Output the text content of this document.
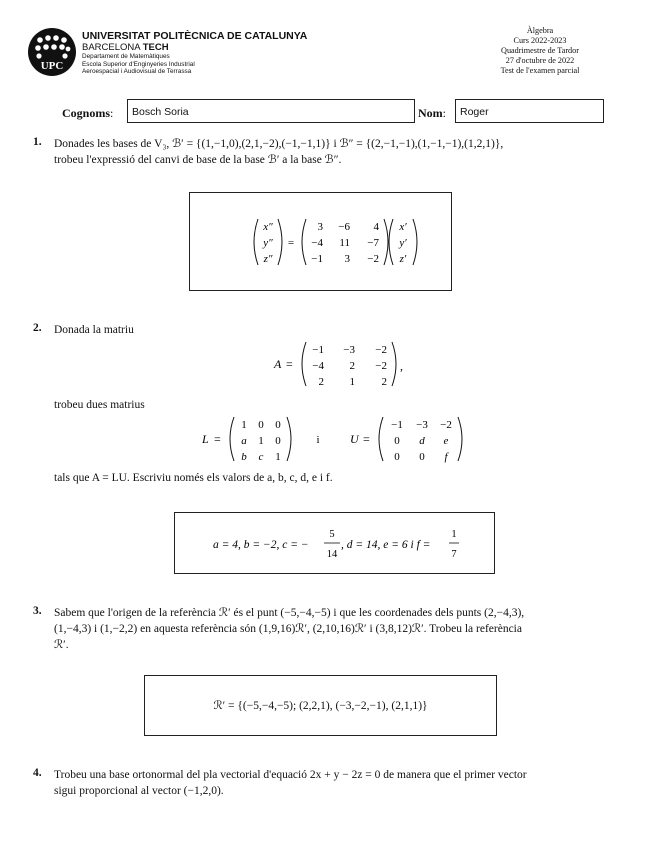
UPC
UNIVERSITAT POLITÈCNICA DE CATALUNYA
BARCELONA TECH
Departament de Matemàtiques
Escola Superior d'Enginyeries Industrial
Aeroespacial i Audiovisual de Terrassa
Àlgebra
Curs 2022-2023
Quadrimestre de Tardor
27 d'octubre de 2022
Test de l'examen parcial
Cognoms:	Bosch Soria	Nom:	Roger
1. Donades les bases de V₃, ℬ′ = {(1,−1,0),(2,1,−2),(−1,−1,1)} i ℬ″ = {(2,−1,−1),(1,−1,−1),(1,2,1)},
trobeu l'expressió del canvi de base de la base ℬ′ a la base ℬ″.
x″
y″
z″
=
3 −6 4
−4 11 −7
−1 3 −2
x′
y′
z′
2. Donada la matriu
A =
−1 −3 −2
−4 2 −2
2 1 2
,
trobeu dues matrius
L =
1 0 0
a 1 0
b c 1
i	U =
−1 −3 −2
0 d e
0 0 f
tals que A = LU. Escriviu només els valors de a, b, c, d, e i f.
a = 4, b = −2, c = −
5
14
, d = 14, e = 6 i f =
1
7
3. Sabem que l'origen de la referència ℛ′ és el punt (−5,−4,−5) i que les coordenades dels punts (2,−4,3),
(1,−4,3) i (1,−2,2) en aquesta referència són (1,9,16)ℛ′, (2,10,16)ℛ′ i (3,8,12)ℛ′. Trobeu la referència
ℛ′.
ℛ′ = {(−5,−4,−5); (2,2,1), (−3,−2,−1), (2,1,1)}
4. Trobeu una base ortonormal del pla vectorial d'equació 2x + y − 2z = 0 de manera que el primer vector
sigui proporcional al vector (−1,2,0).
